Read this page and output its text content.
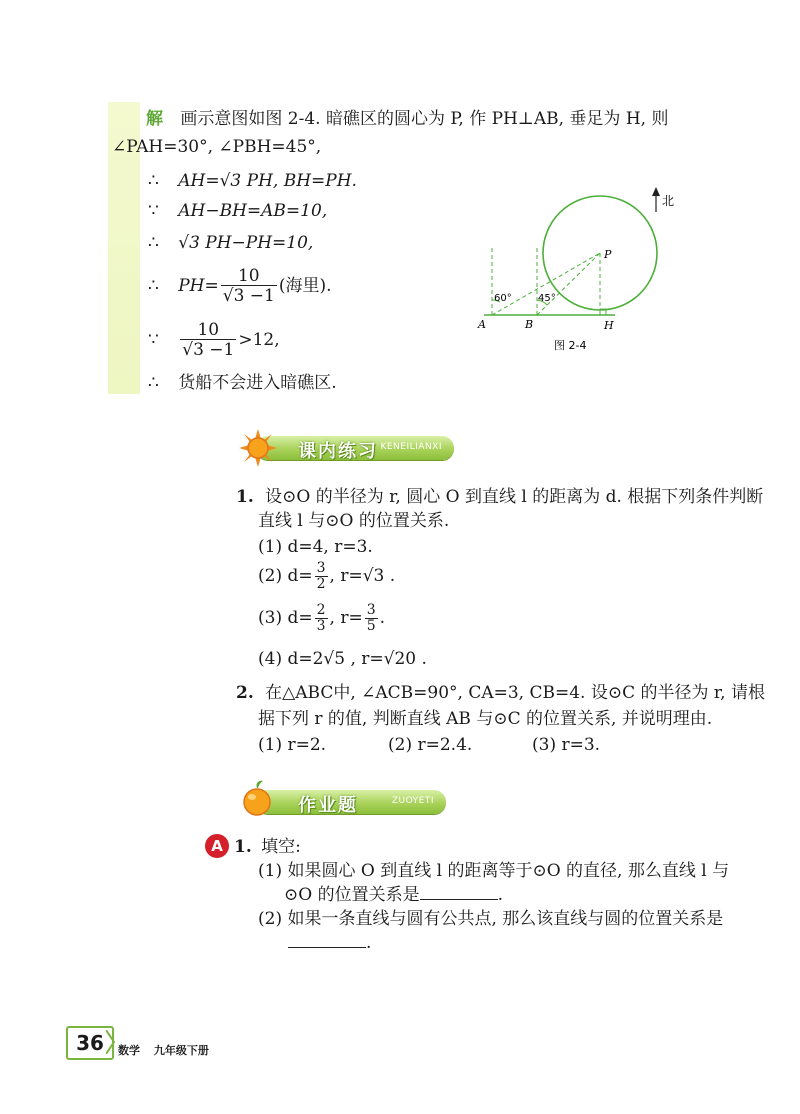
解 画示意图如图 2-4. 暗礁区的圆心为 P, 作 PH⊥AB, 垂足为 H, 则
∠PAH=30°, ∠PBH=45°,
∴ AH=√3 PH, BH=PH.
∵ AH−BH=AB=10,
∴ √3 PH−PH=10,
∴ $PH= \frac{10}{√3 -1}$ (海里).
∵ $\frac{10}{√3 -1} >12$,
∴ 货船不会进入暗礁区.
北
P
A	B	H
60°	45°
图 2-4
课内练习 KENEILIANXI
1. 设⊙O 的半径为 r, 圆心 O 到直线 l 的距离为 d. 根据下列条件判断
直线 l 与⊙O 的位置关系.
(1) d=4, r=3.
(2) $d= \frac{3}{2}$ , r=√3 .
(3) $d= \frac{2}{3}$ , $r= \frac{3}{5}$ .
(4) d=2√5 , r=√20 .
2. 在△ABC中, ∠ACB=90°, CA=3, CB=4. 设⊙C 的半径为 r, 请根
据下列 r 的值, 判断直线 AB 与⊙C 的位置关系, 并说明理由.
(1) r=2.	(2) r=2.4.	(3) r=3.
作业题	ZUOYETI
A 1. 填空:
(1) 如果圆心 O 到直线 l 的距离等于⊙O 的直径, 那么直线 l 与
⊙O 的位置关系是	.
(2) 如果一条直线与圆有公共点, 那么该直线与圆的位置关系是
.
36	数学 九年级下册
